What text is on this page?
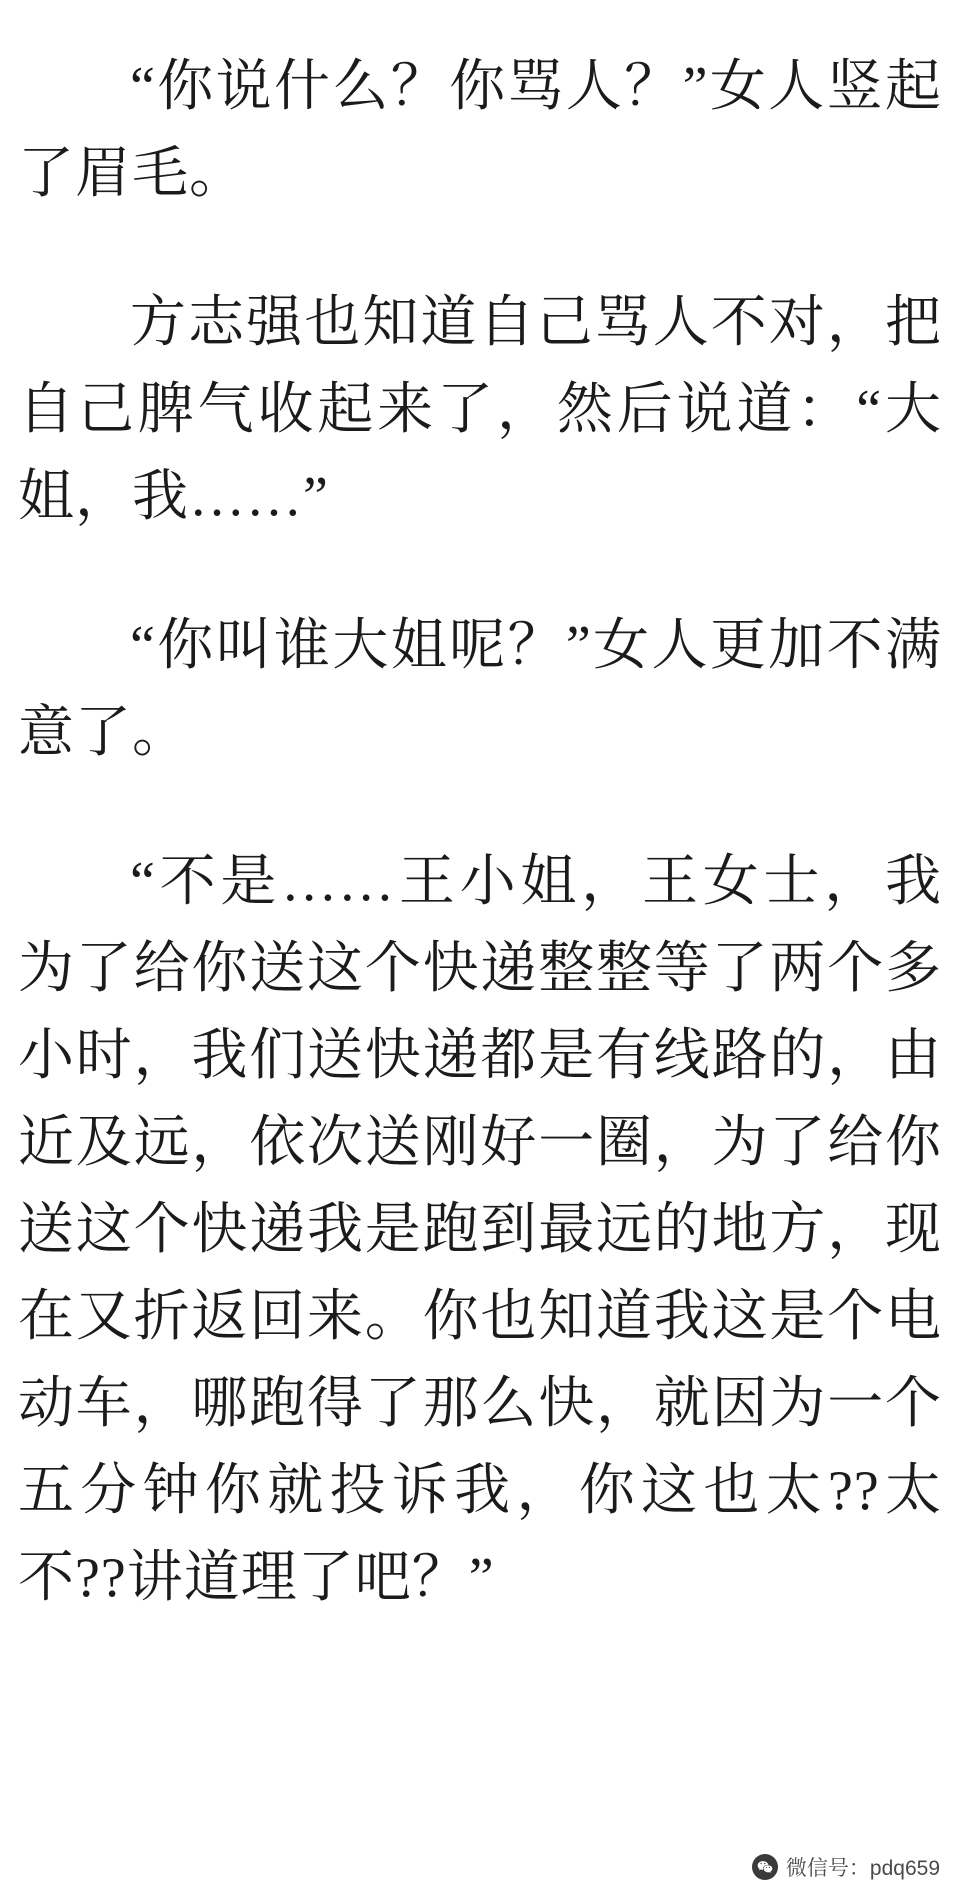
“你说什么？你骂人？”女人竖起了眉毛。

方志强也知道自己骂人不对，把自己脾气收起来了，然后说道：“大姐，我……”

“你叫谁大姐呢？”女人更加不满意了。

“不是……王小姐，王女士，我为了给你送这个快递整整等了两个多小时，我们送快递都是有线路的，由近及远，依次送刚好一圈，为了给你送这个快递我是跑到最远的地方，现在又折返回来。你也知道我这是个电动车，哪跑得了那么快，就因为一个五分钟你就投诉我，你这也太??太不??讲道理了吧？”

微信号：pdq659
